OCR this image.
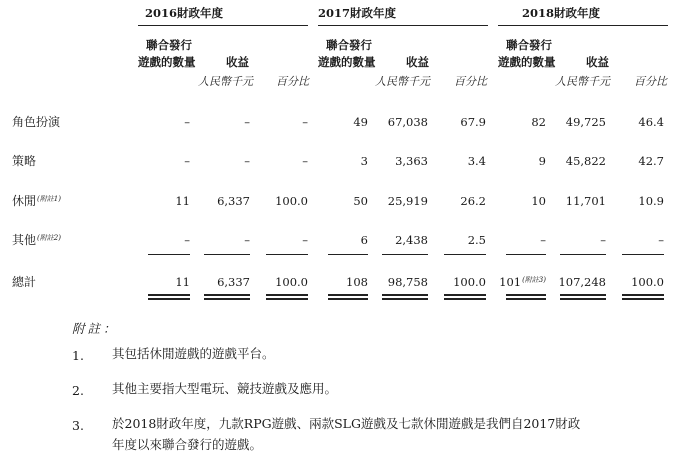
2016財政年度	2017財政年度	2018財政年度
聯合發行
遊戲的數量	收益
人民幣千元 百分比
聯合發行
遊戲的數量	收益
人民幣千元 百分比
聯合發行
遊戲的數量	收益
人民幣千元 百分比
角色扮演	–	–	–	49	67,038	67.9	82	49,725	46.4
策略	–	–	–	3	3,363	3.4	9	45,822	42.7
休閒$^{(附註1)}$	11	6,337	100.0	50	25,919	26.2	10	11,701	10.9
其他$^{(附註2)}$	–	–	–	6	2,438	2.5	–	–	–
總計	11	6,337	100.0	108	98,758	100.0	$101^{(附註3)}$	107,248	100.0
附註：
1. 其包括休閒遊戲的遊戲平台。
2. 其他主要指大型電玩、競技遊戲及應用。
3. 於2018財政年度，九款RPG遊戲、兩款SLG遊戲及七款休閒遊戲是我們自2017財政
年度以來聯合發行的遊戲。
